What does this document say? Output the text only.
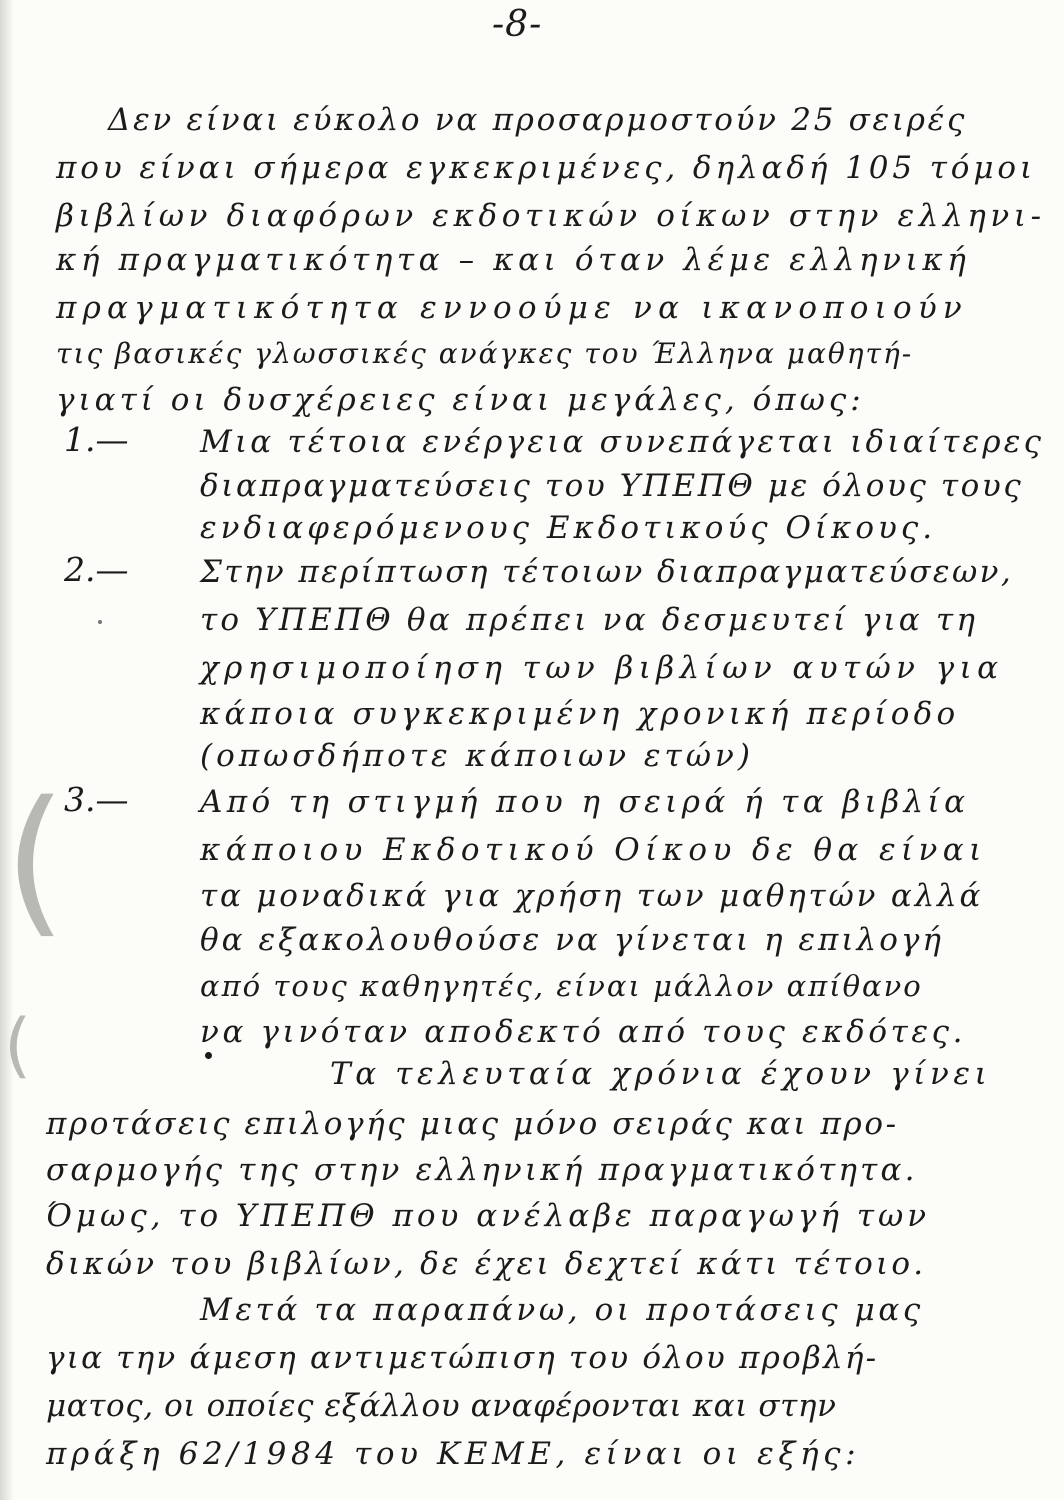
-8-
(
(
Δεν είναι εύκολο να προσαρμοστούν 25 σειρές
που είναι σήμερα εγκεκριμένες, δηλαδή 105 τόμοι
βιβλίων διαφόρων εκδοτικών οίκων στην ελληνι-
κή πραγματικότητα – και όταν λέμε ελληνική
πραγματικότητα εννοούμε να ικανοποιούν
τις βασικές γλωσσικές ανάγκες του Έλληνα μαθητή-
γιατί οι δυσχέρειες είναι μεγάλες, όπως:
1.— Μια τέτοια ενέργεια συνεπάγεται ιδιαίτερες
διαπραγματεύσεις του ΥΠΕΠΘ με όλους τους
ενδιαφερόμενους Εκδοτικούς Οίκους.
2.— Στην περίπτωση τέτοιων διαπραγματεύσεων,
το ΥΠΕΠΘ θα πρέπει να δεσμευτεί για τη
χρησιμοποίηση των βιβλίων αυτών για
κάποια συγκεκριμένη χρονική περίοδο
(οπωσδήποτε κάποιων ετών)
3.— Από τη στιγμή που η σειρά ή τα βιβλία
κάποιου Εκδοτικού Οίκου δε θα είναι
τα μοναδικά για χρήση των μαθητών αλλά
θα εξακολουθούσε να γίνεται η επιλογή
από τους καθηγητές, είναι μάλλον απίθανο
να γινόταν αποδεκτό από τους εκδότες.
Τα τελευταία χρόνια έχουν γίνει
προτάσεις επιλογής μιας μόνο σειράς και προ-
σαρμογής της στην ελληνική πραγματικότητα.
Όμως, το ΥΠΕΠΘ που ανέλαβε παραγωγή των
δικών του βιβλίων, δε έχει δεχτεί κάτι τέτοιο.
Μετά τα παραπάνω, οι προτάσεις μας
για την άμεση αντιμετώπιση του όλου προβλή-
ματος, οι οποίες εξάλλου αναφέρονται και στην
πράξη 62/1984 του ΚΕΜΕ, είναι οι εξής:
